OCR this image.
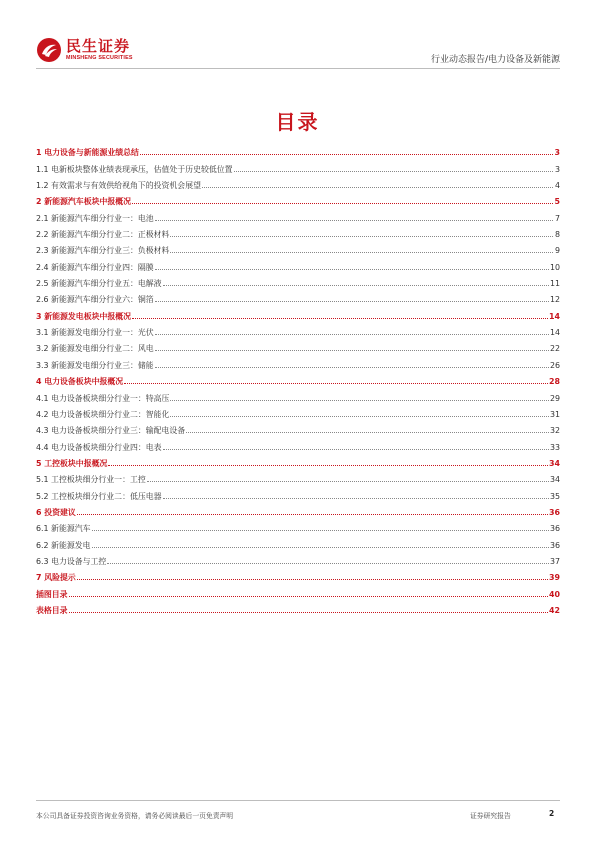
民生证券
MINSHENG SECURITIES	行业动态报告/电力设备及新能源
目录
1 电力设备与新能源业绩总结	3
1.1 电新板块整体业绩表现承压，估值处于历史较低位置	3
1.2 有效需求与有效供给视角下的投资机会展望	4
2 新能源汽车板块中报概况	5
2.1 新能源汽车细分行业一：电池	7
2.2 新能源汽车细分行业二：正极材料	8
2.3 新能源汽车细分行业三：负极材料	9
2.4 新能源汽车细分行业四：隔膜	10
2.5 新能源汽车细分行业五：电解液	11
2.6 新能源汽车细分行业六：铜箔	12
3 新能源发电板块中报概况	14
3.1 新能源发电细分行业一：光伏	14
3.2 新能源发电细分行业二：风电	22
3.3 新能源发电细分行业三：储能	26
4 电力设备板块中报概况	28
4.1 电力设备板块细分行业一：特高压	29
4.2 电力设备板块细分行业二：智能化	31
4.3 电力设备板块细分行业三：输配电设备	32
4.4 电力设备板块细分行业四：电表	33
5 工控板块中报概况	34
5.1 工控板块细分行业一：工控	34
5.2 工控板块细分行业二：低压电器	35
6 投资建议	36
6.1 新能源汽车	36
6.2 新能源发电	36
6.3 电力设备与工控	37
7 风险提示	39
插图目录	40
表格目录	42
本公司具备证券投资咨询业务资格，请务必阅读最后一页免责声明	证券研究报告	2
